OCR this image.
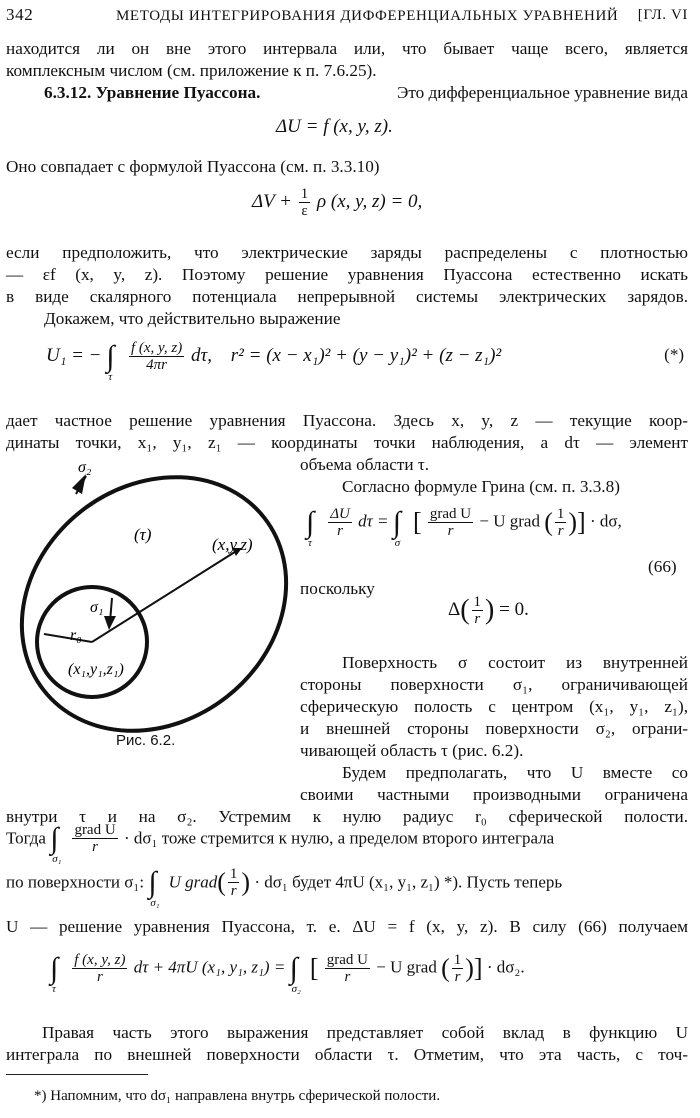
342	МЕТОДЫ ИНТЕГРИРОВАНИЯ ДИФФЕРЕНЦИАЛЬНЫХ УРАВНЕНИЙ [ГЛ. VI
находится ли он вне этого интервала или, что бывает чаще всего, является
комплексным числом (см. приложение к п. 7.6.25).
6.3.12. Уравнение Пуассона.	Это дифференциальное уравнение вида
ΔU = f (x, y, z).
Оно совпадает с формулой Пуассона (см. п. 3.3.10)
$\Delta V + \frac{1}{\varepsilon}$ ρ (x, y, z) = 0,
если предположить, что электрические заряды распределены с плотностью
— εf (x, y, z). Поэтому решение уравнения Пуассона естественно искать
в виде скалярного потенциала непрерывной системы электрических зарядов.
Докажем, что действительно выражение
U₁ = − ∫
τ

$\frac{f (x, y, z)}{4\pi r} d\tau$, r² = (x − x₁)² + (y − y₁)² + (z − z₁)²	(*)
дает частное решение уравнения Пуассона. Здесь x, y, z — текущие коор-
динаты точки, x₁, y₁, z₁ — координаты точки наблюдения, а dτ — элемент
объема области τ.
Согласно формуле Грина (см. п. 3.3.8)
∫
τ

$\frac{\Delta U}{r}$ dτ = ∫
σ
[ $\frac{\text{grad U}}{r} - U$ grad ( $\frac{1}{r}$ )] · dσ,
(66)
поскольку
$\Delta( \frac{1}{r}$ ) = 0.
Поверхность σ состоит из внутренней
стороны поверхности σ₁, ограничивающей
сферическую полость с центром (x₁, y₁, z₁),
и внешней стороны поверхности σ₂, ограни-
чивающей область τ (рис. 6.2).
Будем предполагать, что U вместе со
своими частными производными ограничена
внутри τ и на σ₂. Устремим к нулю радиус r₀ сферической полости.
Тогда ∫
σ₁

$\frac{\text{grad U}}{r} \cdot d\sigma_1$ тоже стремится к нулю, а пределом второго интеграла
по поверхности σ₁: ∫
σ₁
U grad( $\frac{1}{r}$ ) · dσ₁ будет 4πU (x₁, y₁, z₁) *). Пусть теперь
U — решение уравнения Пуассона, т. е. ΔU = f (x, y, z). В силу (66) получаем
∫
τ

$\frac{f (x, y, z)}{r}$ dτ + 4πU (x₁, y₁, z₁) = ∫
σ₂
[ $\frac{\text{grad U}}{r} - U$ grad ( $\frac{1}{r}$ )] · dσ₂.
Правая часть этого выражения представляет собой вклад в функцию U
интеграла по внешней поверхности области τ. Отметим, что эта часть, с точ-
σ₂
(τ)
(x,y,z)
σ₁
r₀
(x₁,y₁,z₁)
Рис. 6.2.
*) Напомним, что dσ₁ направлена внутрь сферической полости.
